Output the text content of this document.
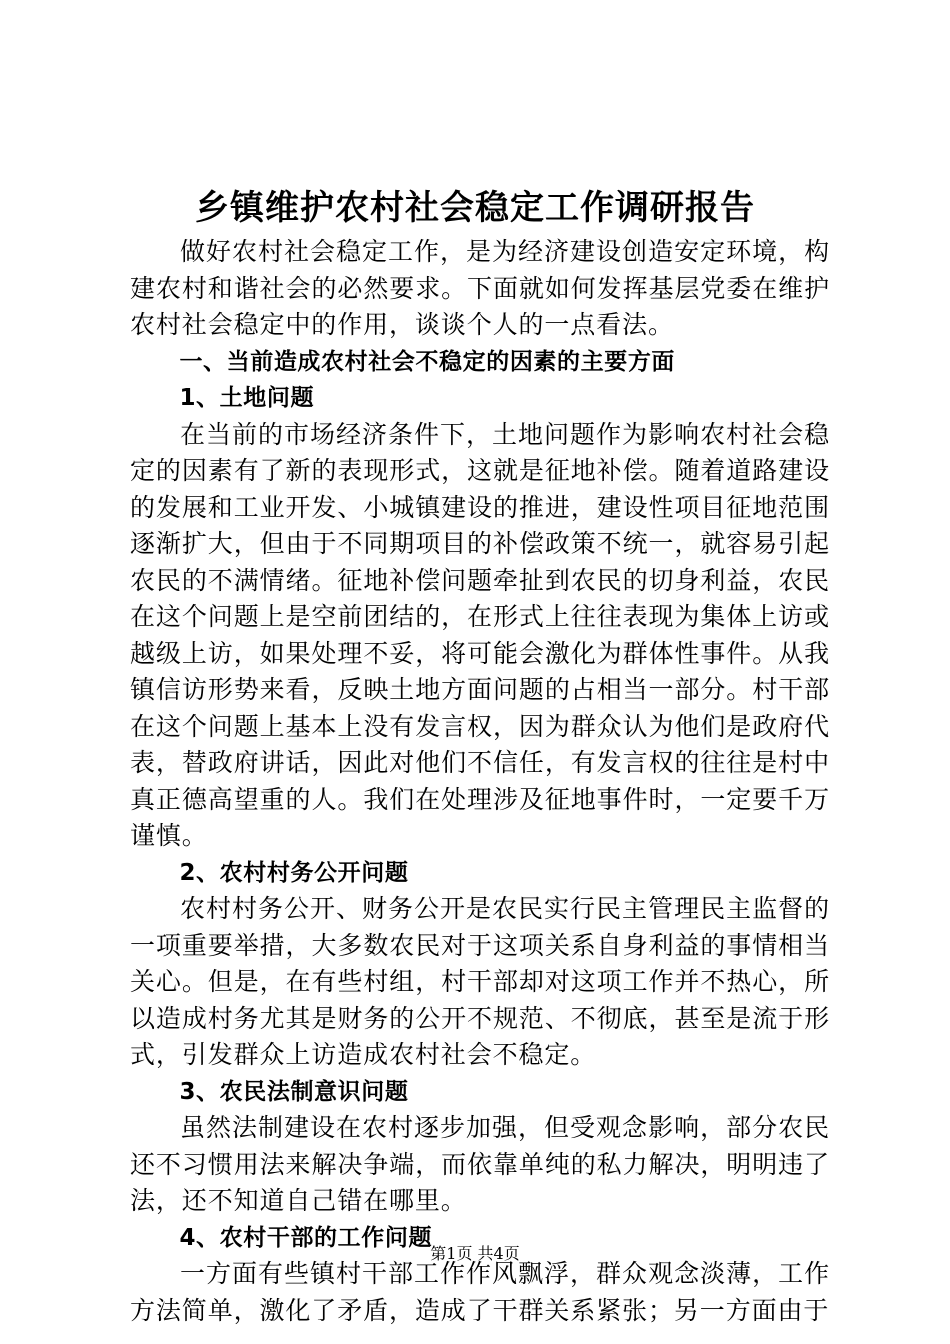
乡镇维护农村社会稳定工作调研报告

做好农村社会稳定工作，是为经济建设创造安定环境，构建农村和谐社会的必然要求。下面就如何发挥基层党委在维护农村社会稳定中的作用，谈谈个人的一点看法。

一、当前造成农村社会不稳定的因素的主要方面

1、土地问题

在当前的市场经济条件下，土地问题作为影响农村社会稳定的因素有了新的表现形式，这就是征地补偿。随着道路建设的发展和工业开发、小城镇建设的推进，建设性项目征地范围逐渐扩大，但由于不同期项目的补偿政策不统一，就容易引起农民的不满情绪。征地补偿问题牵扯到农民的切身利益，农民在这个问题上是空前团结的，在形式上往往表现为集体上访或越级上访，如果处理不妥，将可能会激化为群体性事件。从我镇信访形势来看，反映土地方面问题的占相当一部分。村干部在这个问题上基本上没有发言权，因为群众认为他们是政府代表，替政府讲话，因此对他们不信任，有发言权的往往是村中真正德高望重的人。我们在处理涉及征地事件时，一定要千万谨慎。

2、农村村务公开问题

农村村务公开、财务公开是农民实行民主管理民主监督的一项重要举措，大多数农民对于这项关系自身利益的事情相当关心。但是，在有些村组，村干部却对这项工作并不热心，所以造成村务尤其是财务的公开不规范、不彻底，甚至是流于形式，引发群众上访造成农村社会不稳定。

3、农民法制意识问题

虽然法制建设在农村逐步加强，但受观念影响，部分农民还不习惯用法来解决争端，而依靠单纯的私力解决，明明违了法，还不知道自己错在哪里。

4、农村干部的工作问题

一方面有些镇村干部工作作风飘浮，群众观念淡薄，工作方法简单，激化了矛盾，造成了干群关系紧张；另一方面由于

第1页 共4页
